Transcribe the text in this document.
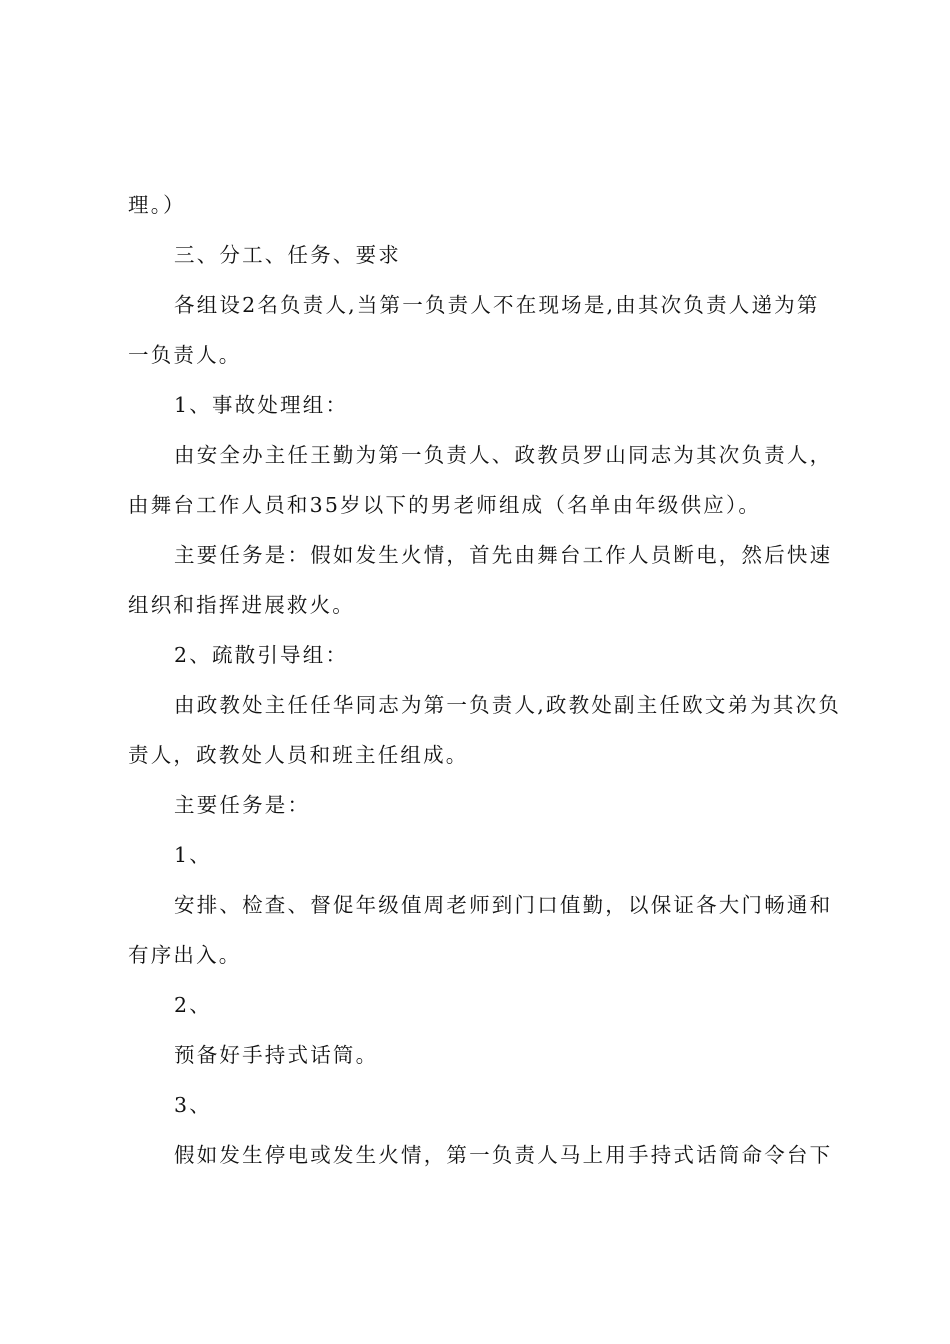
理。）
三、分工、任务、要求
各组设2名负责人,当第一负责人不在现场是,由其次负责人递为第
一负责人。
1、事故处理组：
由安全办主任王勤为第一负责人、政教员罗山同志为其次负责人，
由舞台工作人员和35岁以下的男老师组成（名单由年级供应）。
主要任务是：假如发生火情，首先由舞台工作人员断电，然后快速
组织和指挥进展救火。
2、疏散引导组：
由政教处主任任华同志为第一负责人,政教处副主任欧文弟为其次负
责人，政教处人员和班主任组成。
主要任务是：
1、
安排、检查、督促年级值周老师到门口值勤，以保证各大门畅通和
有序出入。
2、
预备好手持式话筒。
3、
假如发生停电或发生火情，第一负责人马上用手持式话筒命令台下
